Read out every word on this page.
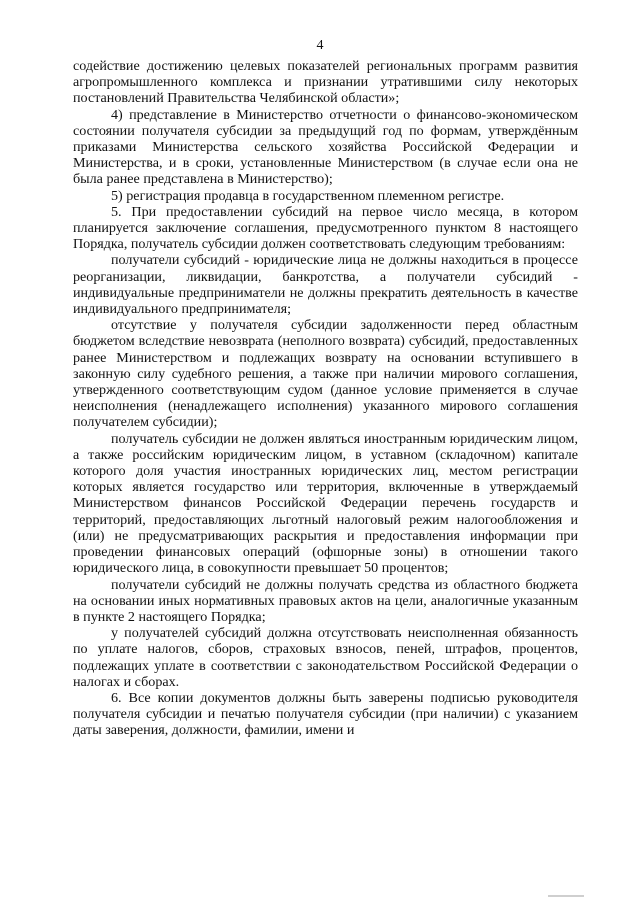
4

содействие достижению целевых показателей региональных программ развития агропромышленного комплекса и признании утратившими силу некоторых постановлений Правительства Челябинской области»;

4) представление в Министерство отчетности о финансово-экономическом состоянии получателя субсидии за предыдущий год по формам, утверждённым приказами Министерства сельского хозяйства Российской Федерации и Министерства, и в сроки, установленные Министерством (в случае если она не была ранее представлена в Министерство);

5) регистрация продавца в государственном племенном регистре.

5. При предоставлении субсидий на первое число месяца, в котором планируется заключение соглашения, предусмотренного пунктом 8 настоящего Порядка, получатель субсидии должен соответствовать следующим требованиям:

получатели субсидий - юридические лица не должны находиться в процессе реорганизации, ликвидации, банкротства, а получатели субсидий - индивидуальные предприниматели не должны прекратить деятельность в качестве индивидуального предпринимателя;

отсутствие у получателя субсидии задолженности перед областным бюджетом вследствие невозврата (неполного возврата) субсидий, предоставленных ранее Министерством и подлежащих возврату на основании вступившего в законную силу судебного решения, а также при наличии мирового соглашения, утвержденного соответствующим судом (данное условие применяется в случае неисполнения (ненадлежащего исполнения) указанного мирового соглашения получателем субсидии);

получатель субсидии не должен являться иностранным юридическим лицом, а также российским юридическим лицом, в уставном (складочном) капитале которого доля участия иностранных юридических лиц, местом регистрации которых является государство или территория, включенные в утверждаемый Министерством финансов Российской Федерации перечень государств и территорий, предоставляющих льготный налоговый режим налогообложения и (или) не предусматривающих раскрытия и предоставления информации при проведении финансовых операций (офшорные зоны) в отношении такого юридического лица, в совокупности превышает 50 процентов;

получатели субсидий не должны получать средства из областного бюджета на основании иных нормативных правовых актов на цели, аналогичные указанным в пункте 2 настоящего Порядка;

у получателей субсидий должна отсутствовать неисполненная обязанность по уплате налогов, сборов, страховых взносов, пеней, штрафов, процентов, подлежащих уплате в соответствии с законодательством Российской Федерации о налогах и сборах.

6. Все копии документов должны быть заверены подписью руководителя получателя субсидии и печатью получателя субсидии (при наличии) с указанием даты заверения, должности, фамилии, имени и
